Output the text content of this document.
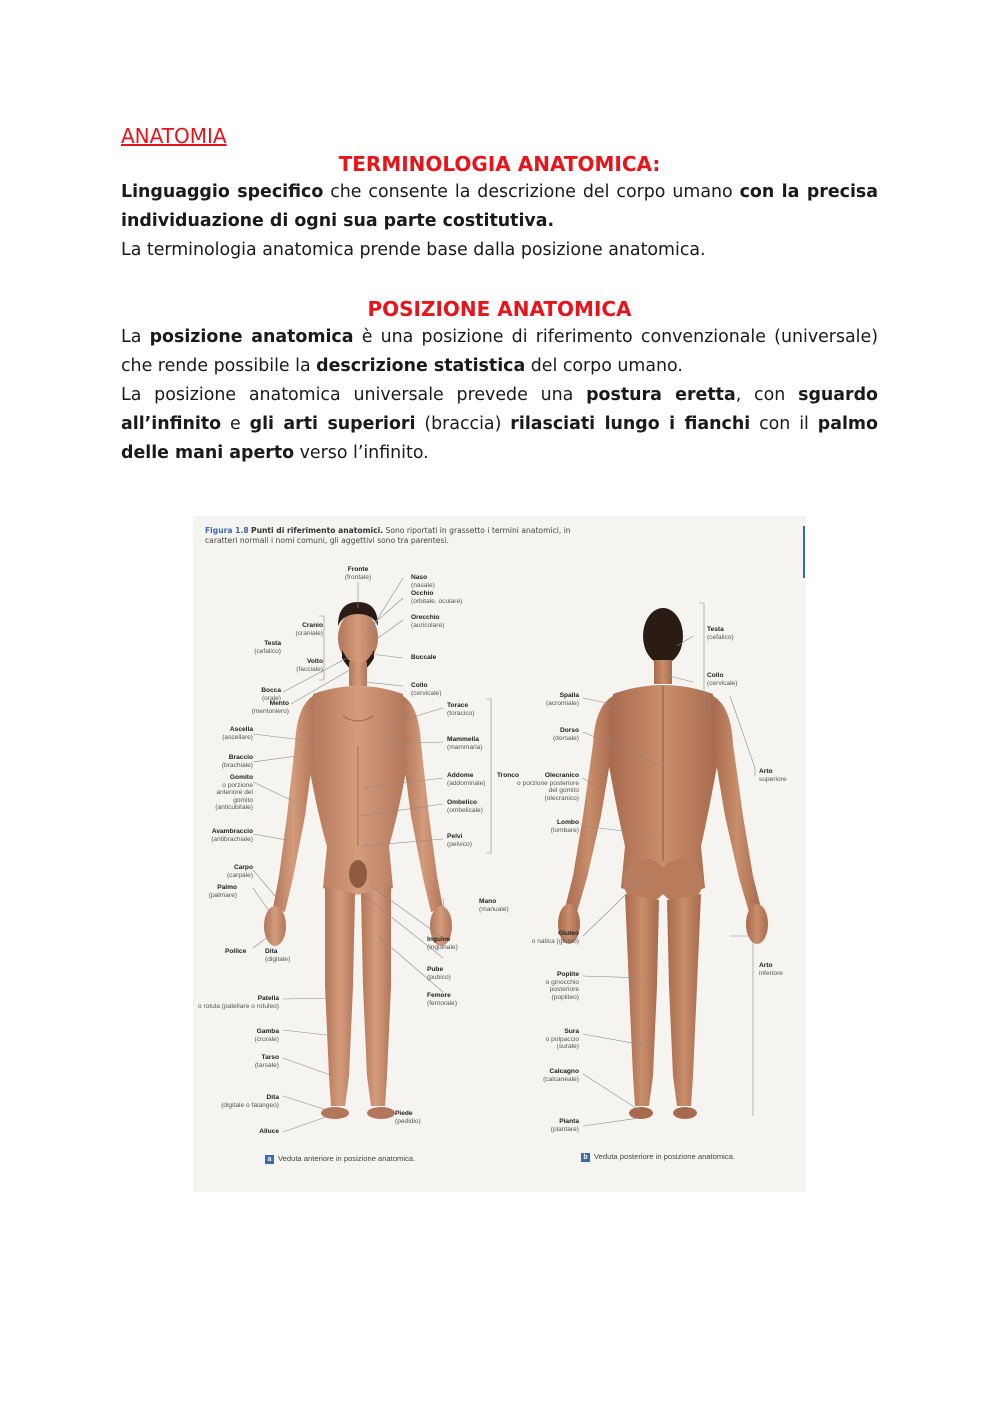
ANATOMIA
TERMINOLOGIA ANATOMICA:

Linguaggio specifico che consente la descrizione del corpo umano con la precisa individuazione di ogni sua parte costitutiva.

La terminologia anatomica prende base dalla posizione anatomica.

POSIZIONE ANATOMICA

La posizione anatomica è una posizione di riferimento convenzionale (universale) che rende possibile la descrizione statistica del corpo umano.

La posizione anatomica universale prevede una postura eretta, con sguardo all’infinito e gli arti superiori (braccia) rilasciati lungo i fianchi con il palmo delle mani aperto verso l’infinito.

Figura 1.8 Punti di riferimento anatomici. Sono riportati in grassetto i termini anatomici, in caratteri normali i nomi comuni, gli aggettivi sono tra parentesi.
Fronte
(frontale)	Naso
(nasale)
Occhio
(orbitale, oculare)
Orecchio
(auricolare)
Cranio
(craniale)
Testa
(cefalico)
Volto
(facciale)
Buccale
Bocca
(orale)
Mento
(mentoniero)
Collo
(cervicale)
Torace
(toracico)
Ascella
(ascellare)	Mammella
(mammaria)
Braccio
(brachiale)
Gomito
o porzione anteriore del gomito (anticubitale)
Addome
(addominale)
Tronco
Ombelico
(ombelicale)
Avambraccio
(antibrachiale)	Pelvi
(pelvico)
Carpo
(carpale)
Palmo
(palmare)
Mano
(manuale)
Pollice	Dita
(digitale)
Inguine
(inguinale)
Pube
(pubico)
Femore
(femorale)
Patella
o rotula (patellare o rotuleo)
Gamba
(crurale)
Tarso
(tarsale)
Dita
(digitale o falangeo)
Piede
(pedidio)
Alluce
Testa
(cefalico)
Collo
(cervicale)
Spalla
(acromiale)
Dorso
(dorsale)
Arto
superiore
Olecranico
o porzione posteriore del gomito (olecranico)
Lombo
(lombare)
Gluteo
o natica (gluteo)
Arto
inferiore
Poplite
o ginocchio posteriore (popliteo)
Sura
o polpaccio (surale)
Calcagno
(calcaneale)
Pianta
(plantare)
a Veduta anteriore in posizione anatomica.	b Veduta posteriore in posizione anatomica.
